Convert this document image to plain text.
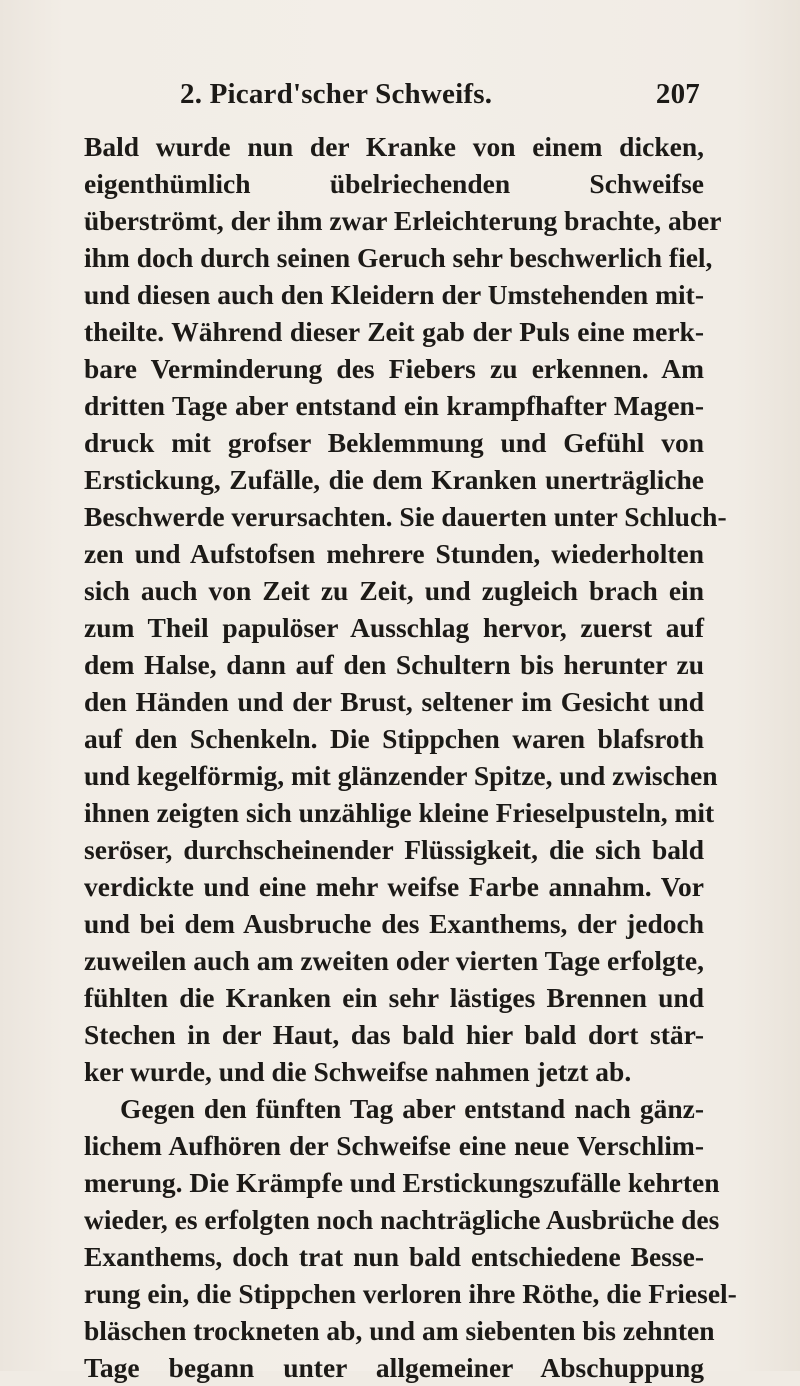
2. Picard'scher Schweifs.	207
Bald wurde nun der Kranke von einem dicken,
eigenthümlich übelriechenden Schweifse
überströmt, der ihm zwar Erleichterung brachte, aber
ihm doch durch seinen Geruch sehr beschwerlich fiel,
und diesen auch den Kleidern der Umstehenden mit-
theilte. Während dieser Zeit gab der Puls eine merk-
bare Verminderung des Fiebers zu erkennen. Am
dritten Tage aber entstand ein krampfhafter Magen-
druck mit grofser Beklemmung und Gefühl von
Erstickung, Zufälle, die dem Kranken unerträgliche
Beschwerde verursachten. Sie dauerten unter Schluch-
zen und Aufstofsen mehrere Stunden, wiederholten
sich auch von Zeit zu Zeit, und zugleich brach ein
zum Theil papulöser Ausschlag hervor, zuerst auf
dem Halse, dann auf den Schultern bis herunter zu
den Händen und der Brust, seltener im Gesicht und
auf den Schenkeln. Die Stippchen waren blafsroth
und kegelförmig, mit glänzender Spitze, und zwischen
ihnen zeigten sich unzählige kleine Frieselpusteln, mit
seröser, durchscheinender Flüssigkeit, die sich bald
verdickte und eine mehr weifse Farbe annahm. Vor
und bei dem Ausbruche des Exanthems, der jedoch
zuweilen auch am zweiten oder vierten Tage erfolgte,
fühlten die Kranken ein sehr lästiges Brennen und
Stechen in der Haut, das bald hier bald dort stär-
ker wurde, und die Schweifse nahmen jetzt ab.
Gegen den fünften Tag aber entstand nach gänz-
lichem Aufhören der Schweifse eine neue Verschlim-
merung. Die Krämpfe und Erstickungszufälle kehrten
wieder, es erfolgten noch nachträgliche Ausbrüche des
Exanthems, doch trat nun bald entschiedene Besse-
rung ein, die Stippchen verloren ihre Röthe, die Friesel-
bläschen trockneten ab, und am siebenten bis zehnten
Tage begann unter allgemeiner Abschuppung
